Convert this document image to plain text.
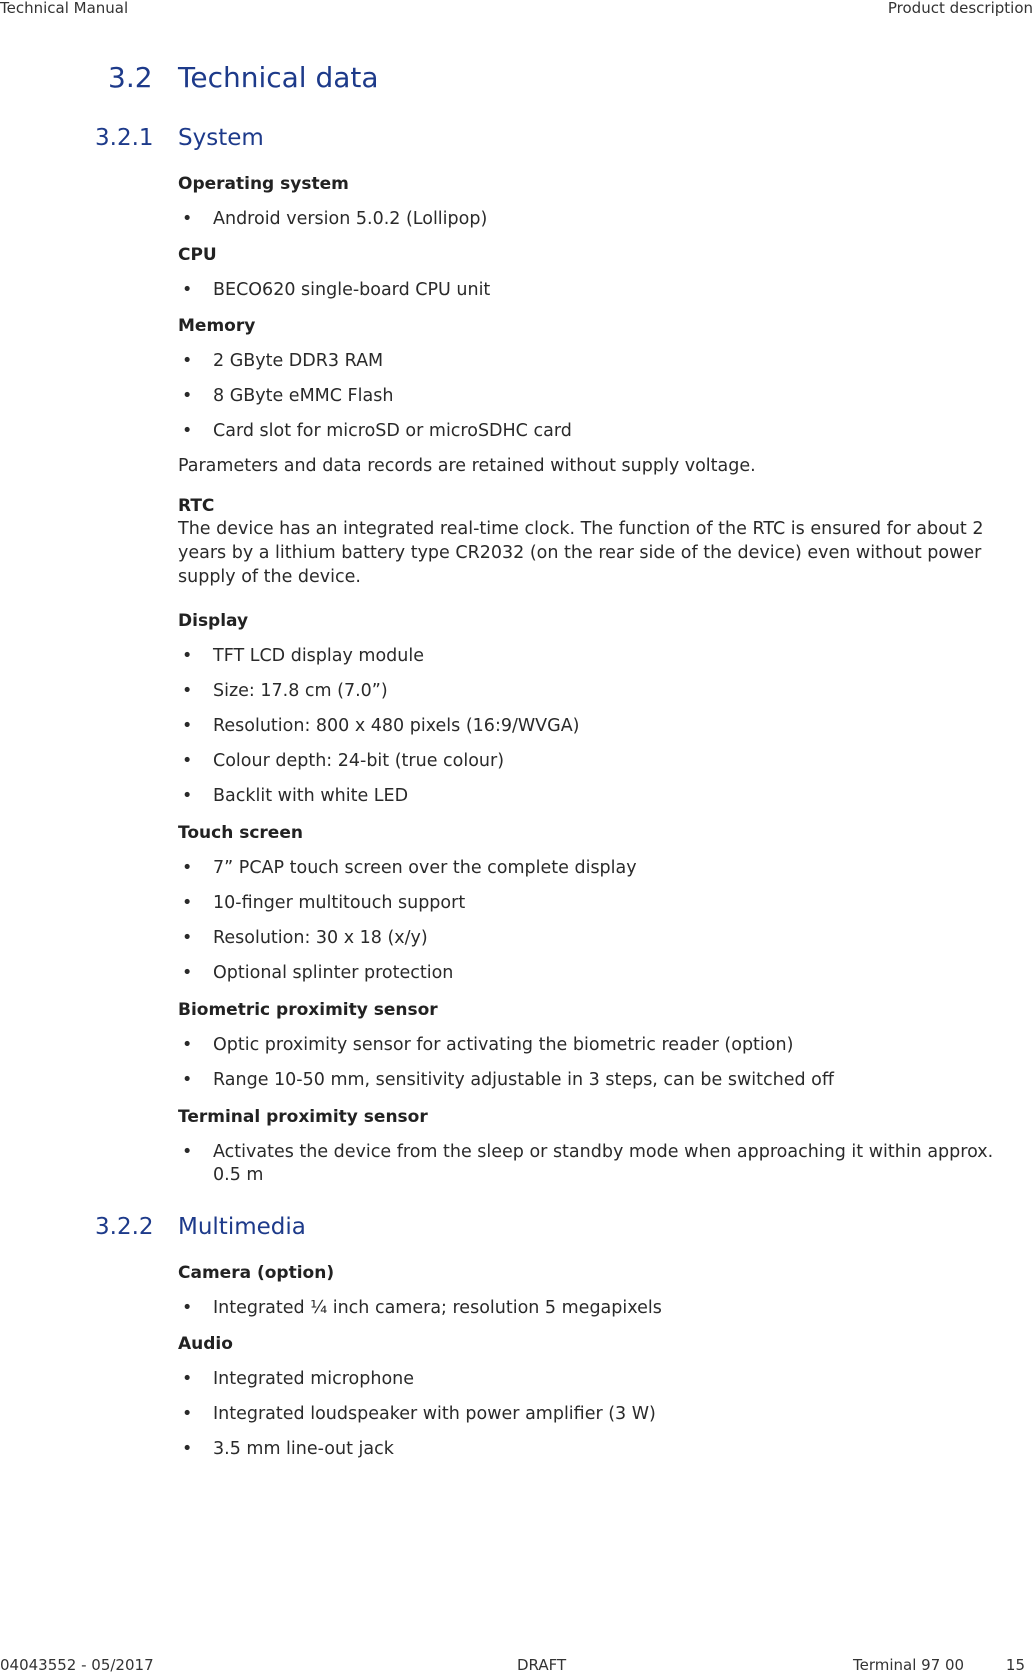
Technical Manual	Product description
3.2 Technical data
3.2.1 System

Operating system

• Android version 5.0.2 (Lollipop)

CPU

• BECO620 single-board CPU unit

Memory

• 2 GByte DDR3 RAM
• 8 GByte eMMC Flash
• Card slot for microSD or microSDHC card

Parameters and data records are retained without supply voltage.

RTC

The device has an integrated real-time clock. The function of the RTC is ensured for about 2 years by a lithium battery type CR2032 (on the rear side of the device) even without power supply of the device.

Display

• TFT LCD display module
• Size: 17.8 cm (7.0”)
• Resolution: 800 x 480 pixels (16:9/WVGA)
• Colour depth: 24-bit (true colour)
• Backlit with white LED

Touch screen

• 7” PCAP touch screen over the complete display
• 10-finger multitouch support
• Resolution: 30 x 18 (x/y)
• Optional splinter protection

Biometric proximity sensor

• Optic proximity sensor for activating the biometric reader (option)
• Range 10-50 mm, sensitivity adjustable in 3 steps, can be switched off

Terminal proximity sensor

• Activates the device from the sleep or standby mode when approaching it within approx. 0.5 m
3.2.2 Multimedia

Camera (option)

• Integrated ¼ inch camera; resolution 5 megapixels

Audio

• Integrated microphone
• Integrated loudspeaker with power amplifier (3 W)
• 3.5 mm line-out jack
04043552 - 05/2017	DRAFT	Terminal 97 00	15
